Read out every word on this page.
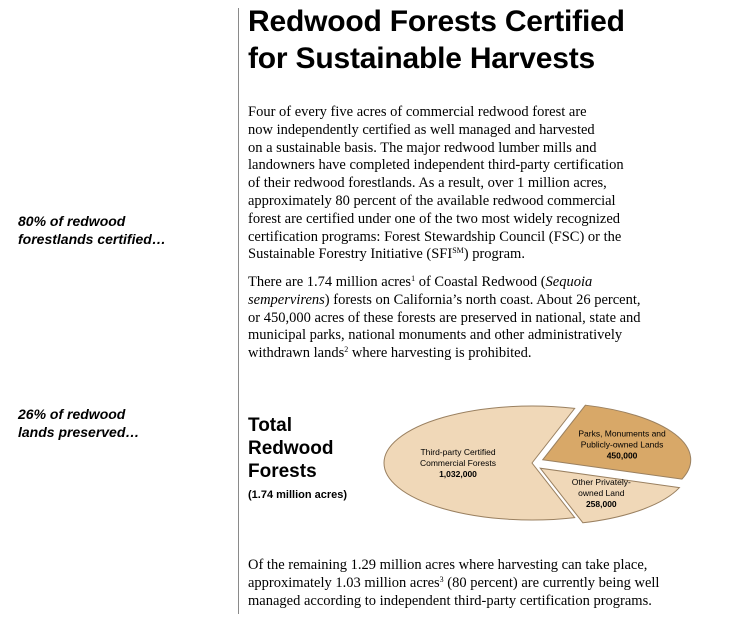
Redwood Forests Certified
for Sustainable Harvests
80% of redwood
forestlands certified…
26% of redwood
lands preserved…
Four of every five acres of commercial redwood forest are
now independently certified as well managed and harvested
on a sustainable basis. The major redwood lumber mills and
landowners have completed independent third-party certification
of their redwood forestlands. As a result, over 1 million acres,
approximately 80 percent of the available redwood commercial
forest are certified under one of the two most widely recognized
certification programs: Forest Stewardship Council (FSC) or the
Sustainable Forestry Initiative (SFI℠) program.
There are 1.74 million acres$^1$ of Coastal Redwood (Sequoia
sempervirens) forests on California’s north coast. About 26 percent,
or 450,000 acres of these forests are preserved in national, state and
municipal parks, national monuments and other administratively
withdrawn lands$^2$ where harvesting is prohibited.
Total
Redwood
Forests
(1.74 million acres)
Third-party Certified
Commercial Forests
1,032,000
Other Privately-
owned Land
258,000
Parks, Monuments and
Publicly-owned Lands
450,000
Of the remaining 1.29 million acres where harvesting can take place,
approximately 1.03 million acres$^3$ (80 percent) are currently being well
managed according to independent third-party certification programs.
